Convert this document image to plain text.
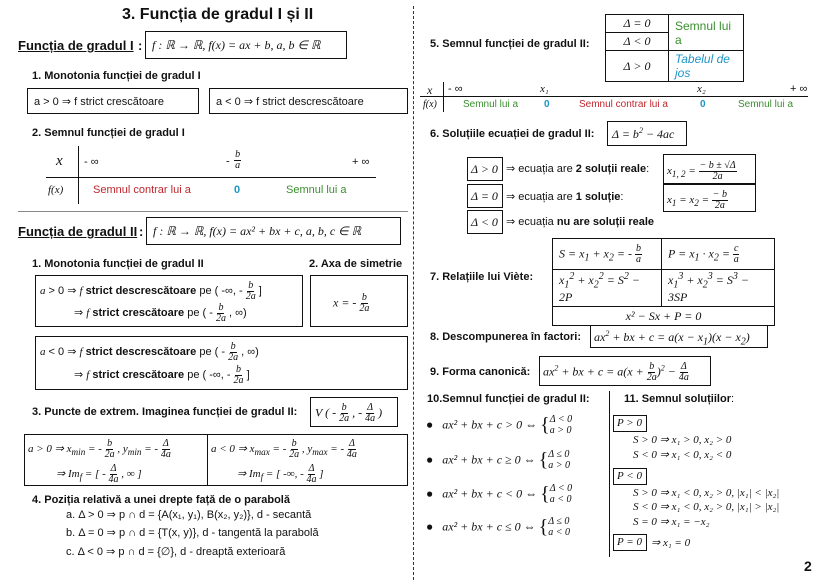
3. Funcția de gradul I și II
Funcția de gradul I : f : ℝ → ℝ, f(x) = ax + b, a, b ∈ ℝ
1. Monotonia funcției de gradul I
a > 0 ⇒ f strict crescătoare	a < 0 ⇒ f strict descrescătoare
2. Semnul funcției de gradul I
x
f(x)
- ∞	- $\frac{b}{a}$	+ ∞
Semnul contrar lui a	0	Semnul lui a
Funcția de gradul II : f : ℝ → ℝ, f(x) = ax² + bx + c, a, b, c ∈ ℝ
1. Monotonia funcției de gradul II	2. Axa de simetrie
a > 0 ⇒ f strict descrescătoare pe ( -∞, - $\frac{b}{2a}$ ]
⇒ f strict crescătoare pe ( - $\frac{b}{2a}$ , ∞)
x = - $\frac{b}{2a}$
a < 0 ⇒ f strict descrescătoare pe ( - $\frac{b}{2a}$ , ∞)
⇒ f strict crescătoare pe ( -∞, - $\frac{b}{2a}$ ]
3. Puncte de extrem. Imaginea funcției de gradul II:	V ( - $\frac{b}{2a}$ , - $\frac{\Delta}{4a}$ )
a > 0 ⇒ $x_{min}$ = - $\frac{b}{2a}$ , $y_{min}$ = - $\frac{\Delta}{4a}$
⇒ $Im_f$ = [ - $\frac{\Delta}{4a}$ , ∞ ]
a < 0 ⇒ $x_{max}$ = - $\frac{b}{2a}$ , $y_{max}$ = - $\frac{\Delta}{4a}$
⇒ $Im_f$ = [ -∞, - $\frac{\Delta}{4a}$ ]
4. Poziția relativă a unei drepte față de o parabolă
a. Δ > 0 ⇒ p ∩ d = {A(x₁, y₁), B(x₂, y₂)}, d - secantă
b. Δ = 0 ⇒ p ∩ d = {T(x, y)}, d - tangentă la parabolă
c. Δ < 0 ⇒ p ∩ d = {∅}, d - dreaptă exterioară
5. Semnul funcției de gradul II:
Δ = 0	Semnul lui a
Δ < 0	
Δ > 0	Tabelul de jos
x - ∞	x₁	x₂	+ ∞
f(x)	Semnul lui a	0	Semnul contrar lui a	0	Semnul lui a
6. Soluțiile ecuației de gradul II:	$\Delta = b^2 - 4ac$
Δ > 0 ⇒ ecuația are 2 soluții reale:	$x_{1, 2} = \frac{- b \pm √\Delta}{2a}$
Δ = 0 ⇒ ecuația are 1 soluție:	$x_1 = x_2 = \frac{- b}{2a}$
Δ < 0 ⇒ ecuația nu are soluții reale
7. Relațiile lui Viète:
$S = x_1 + x_2$ = - $\frac{b}{a}$	$P = x_1 \cdot x_2 = \frac{c}{a}$

$x_1^2 + x_2^2 = S^2 - 2P$	$x_1^3 + x_2^3 = S^3 - 3SP$
x² − Sx + P = 0	
8. Descompunerea în factori:	$ax^2$ + bx + $c = a(x - x_1)(x - x_2)$
9. Forma canonică:	$ax^2$ + bx + $c = a(x + \frac{b}{2a} )^2 - \frac{\Delta}{4a}$
10.Semnul funcției de gradul II:	11. Semnul soluțiilor:
● ax² + bx + c > 0 ⇔ { Δ < 0
a > 0
● ax² + bx + c ≥ 0 ⇔ { Δ ≤ 0
a > 0
● ax² + bx + c < 0 ⇔ { Δ < 0
a < 0
● ax² + bx + c ≤ 0 ⇔ { Δ ≤ 0
a < 0
P > 0
S > 0 ⇒ x₁ > 0, x₂ > 0
S < 0 ⇒ x₁ < 0, x₂ < 0
P < 0
S > 0 ⇒ x₁ < 0, x₂ > 0, |x₁| < |x₂|
S < 0 ⇒ x₁ < 0, x₂ > 0, |x₁| > |x₂|
S = 0 ⇒ x₁ = −x₂
P = 0 ⇒ x₁ = 0
2
